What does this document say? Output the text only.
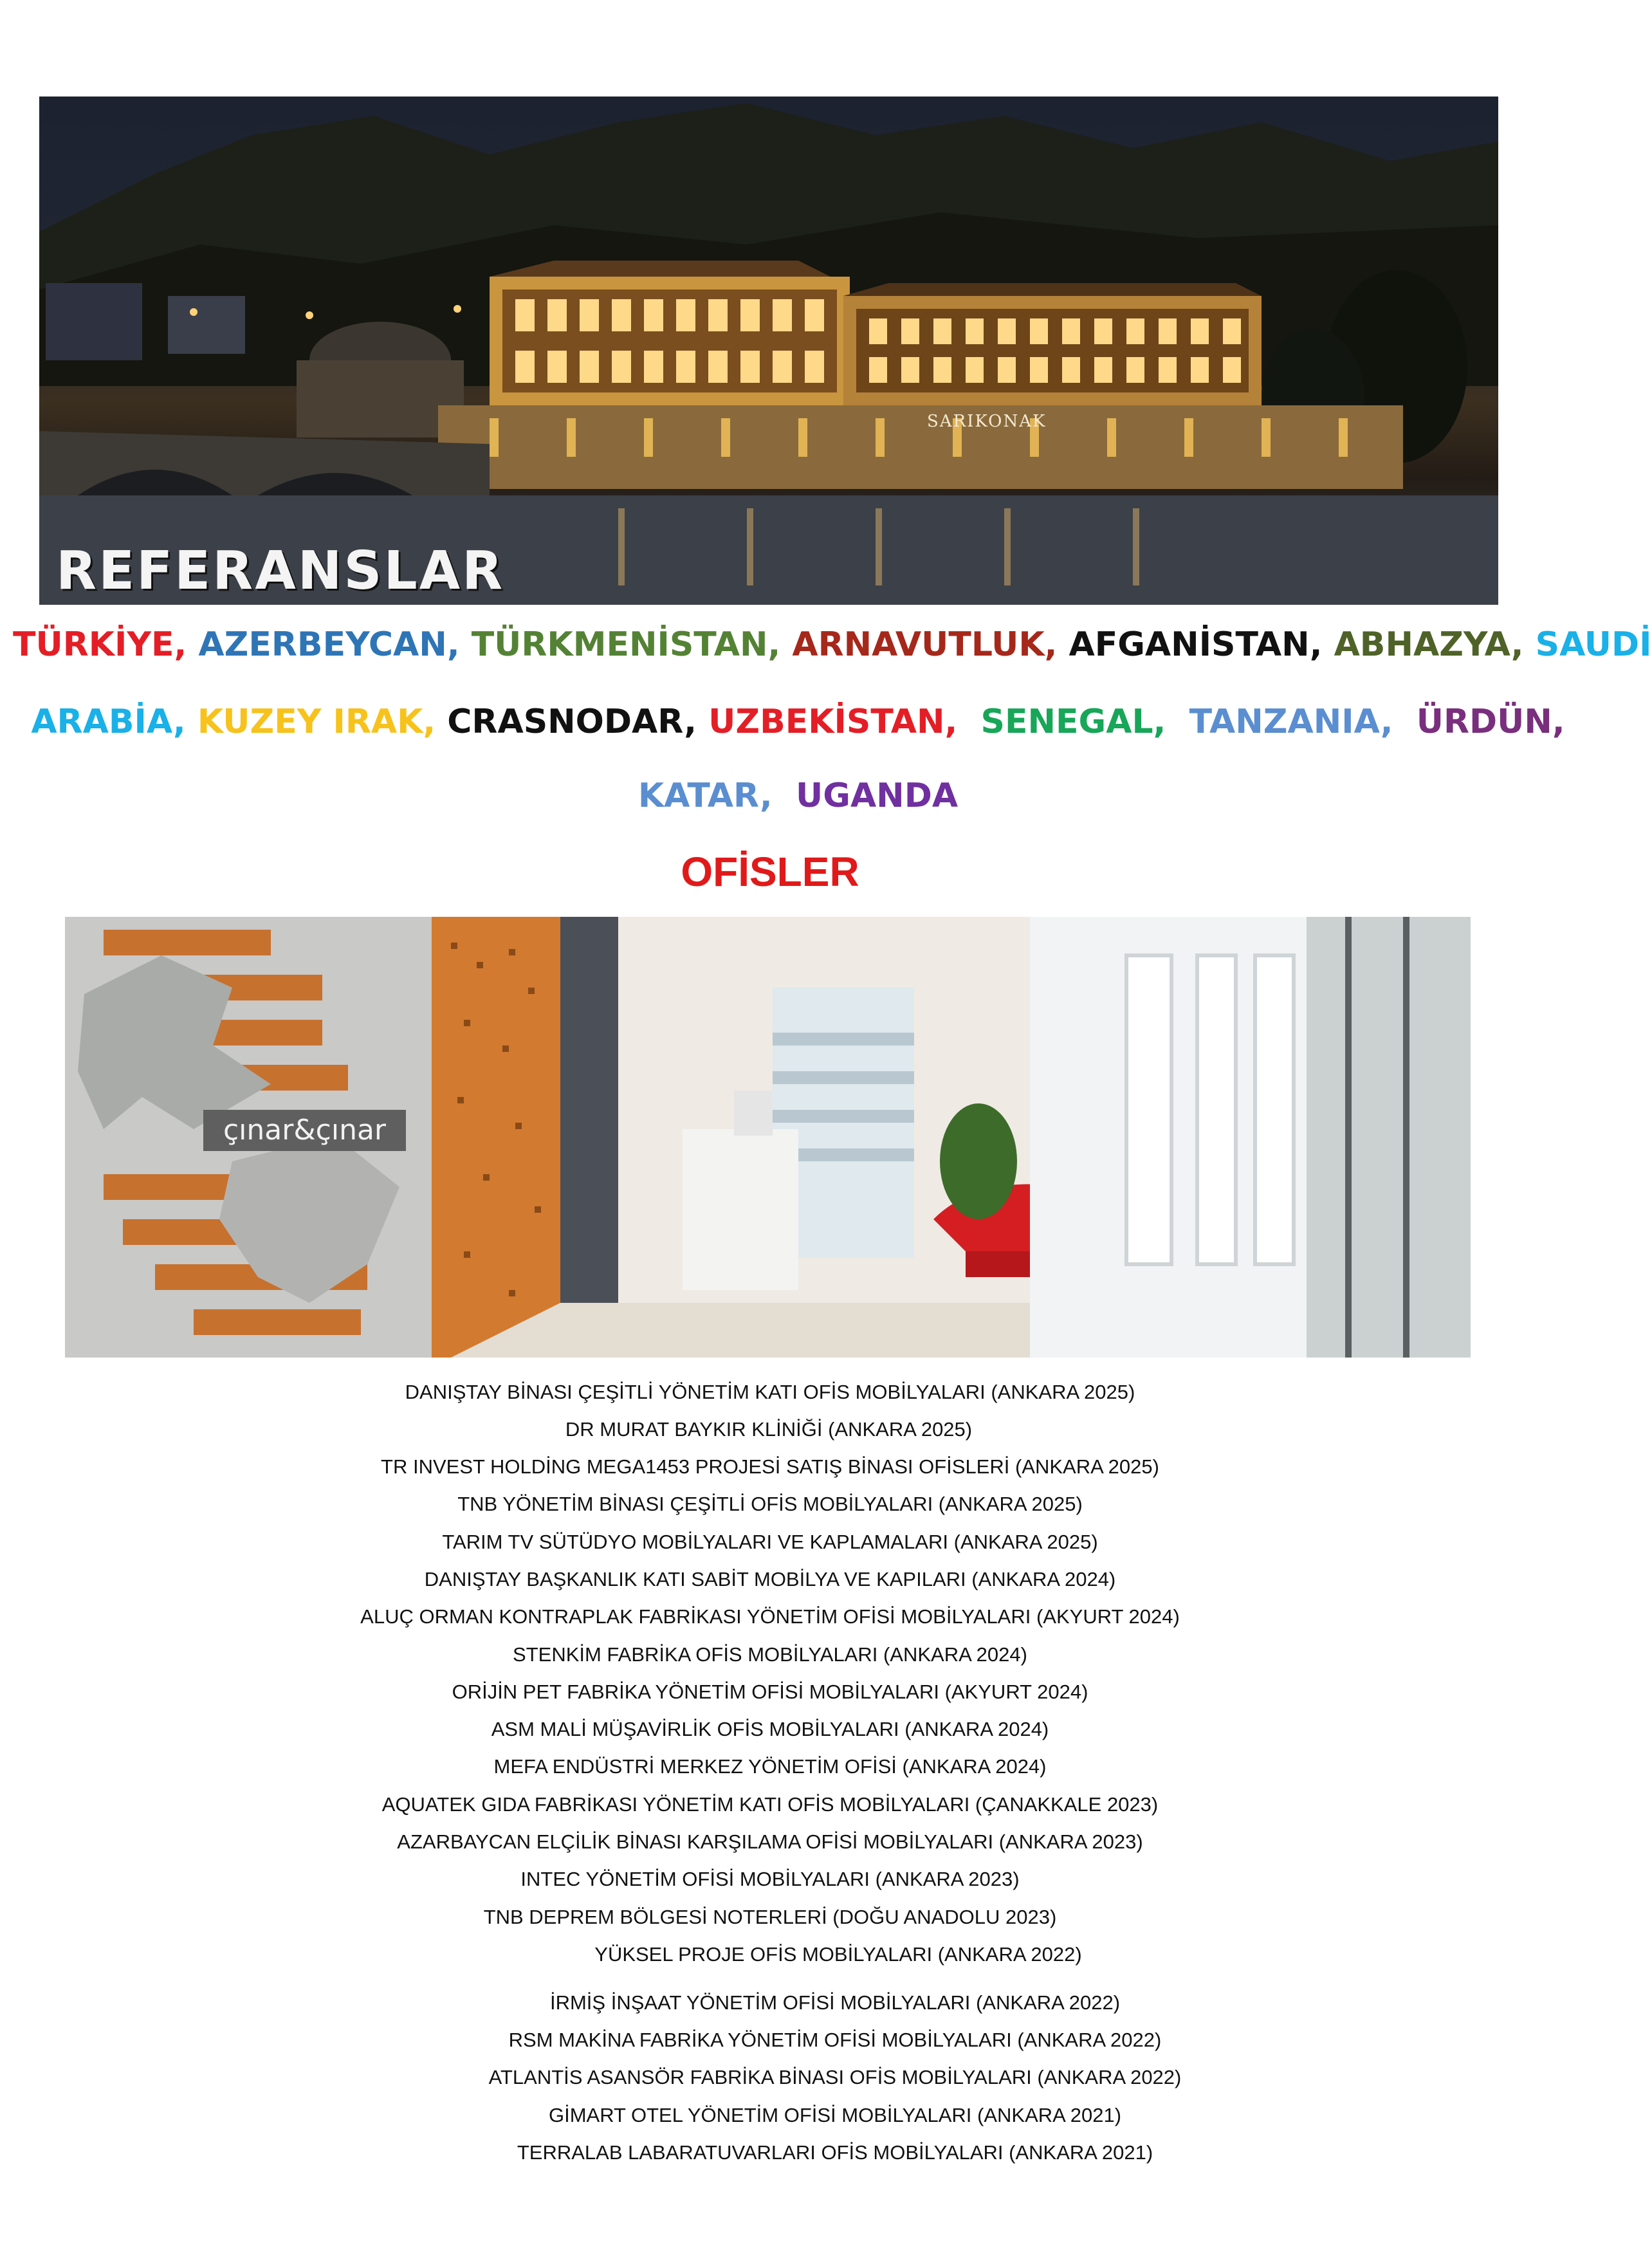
SARIKONAK
REFERANSLAR
TÜRKİYE, AZERBEYCAN, TÜRKMENİSTAN, ARNAVUTLUK, AFGANİSTAN, ABHAZYA, SAUDİ
ARABİA, KUZEY IRAK, CRASNODAR, UZBEKİSTAN,  SENEGAL,  TANZANIA,  ÜRDÜN,
KATAR,  UGANDA
OFİSLER
çınar&çınar
DANIŞTAY BİNASI ÇEŞİTLİ YÖNETİM KATI OFİS MOBİLYALARI (ANKARA 2025)
DR MURAT BAYKIR KLİNİĞİ (ANKARA 2025)
TR INVEST HOLDİNG MEGA1453 PROJESİ SATIŞ BİNASI OFİSLERİ (ANKARA 2025)
TNB YÖNETİM BİNASI ÇEŞİTLİ OFİS MOBİLYALARI (ANKARA 2025)
TARIM TV SÜTÜDYO MOBİLYALARI VE KAPLAMALARI (ANKARA 2025)
DANIŞTAY BAŞKANLIK KATI SABİT MOBİLYA VE KAPILARI (ANKARA 2024)
ALUÇ ORMAN KONTRAPLAK FABRİKASI YÖNETİM OFİSİ MOBİLYALARI (AKYURT 2024)
STENKİM FABRİKA OFİS MOBİLYALARI (ANKARA 2024)
ORİJİN PET FABRİKA YÖNETİM OFİSİ MOBİLYALARI (AKYURT 2024)
ASM MALİ MÜŞAVİRLİK OFİS MOBİLYALARI (ANKARA 2024)
MEFA ENDÜSTRİ MERKEZ YÖNETİM OFİSİ (ANKARA 2024)
AQUATEK GIDA FABRİKASI YÖNETİM KATI OFİS MOBİLYALARI (ÇANAKKALE 2023)
AZARBAYCAN ELÇİLİK BİNASI KARŞILAMA OFİSİ MOBİLYALARI (ANKARA 2023)
INTEC YÖNETİM OFİSİ MOBİLYALARI (ANKARA 2023)
TNB DEPREM BÖLGESİ NOTERLERİ (DOĞU ANADOLU 2023)
YÜKSEL PROJE OFİS MOBİLYALARI (ANKARA 2022)
İRMİŞ İNŞAAT YÖNETİM OFİSİ MOBİLYALARI (ANKARA 2022)
RSM MAKİNA FABRİKA YÖNETİM OFİSİ MOBİLYALARI (ANKARA 2022)
ATLANTİS ASANSÖR FABRİKA BİNASI OFİS MOBİLYALARI (ANKARA 2022)
GİMART OTEL YÖNETİM OFİSİ MOBİLYALARI (ANKARA 2021)
TERRALAB LABARATUVARLARI OFİS MOBİLYALARI (ANKARA 2021)
